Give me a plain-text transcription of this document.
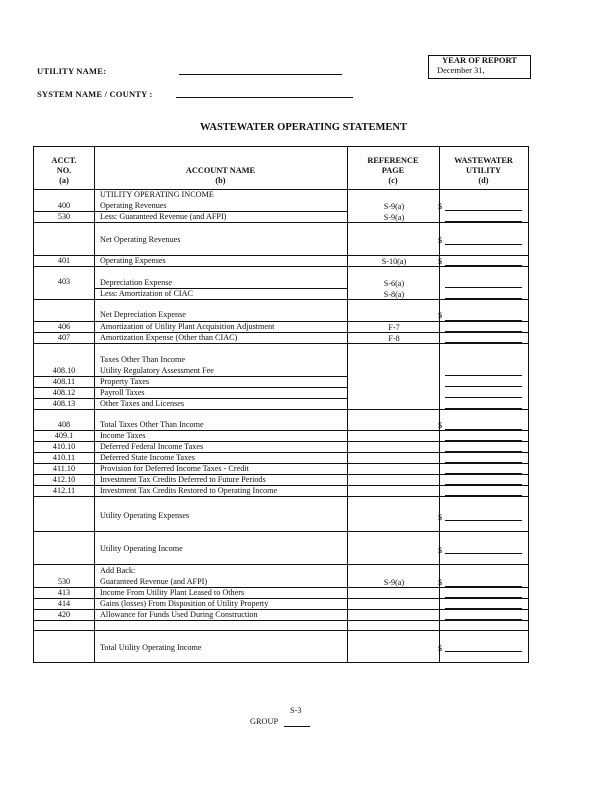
UTILITY NAME:
SYSTEM NAME / COUNTY :
YEAR OF REPORT
December 31,
WASTEWATER OPERATING STATEMENT
ACCT.
NO.
(a)
ACCOUNT NAME
(b)
REFERENCE
PAGE
(c)
WASTEWATER
UTILITY
(d)
UTILITY OPERATING INCOME
400	Operating Revenues	S-9(a)
530	Less: Guaranteed Revenue (and AFPI)	S-9(a)
Net Operating Revenues
401	Operating Expenses	S-10(a)
403	Depreciation Expense	S-6(a)
Less: Amortization of CIAC	S-8(a)
Net Depreciation Expense
406	Amortization of Utility Plant Acquisition Adjustment	F-7
407	Amortization Expense (Other than CIAC)	F-8
Taxes Other Than Income
408.10	Utility Regulatory Assessment Fee
408.11	Property Taxes
408.12	Payroll Taxes
408.13	Other Taxes and Licenses
408	Total Taxes Other Than Income
409.1	Income Taxes
410.10	Deferred Federal Income Taxes
410.11	Deferred State Income Taxes
411.10	Provision for Deferred Income Taxes - Credit
412.10	Investment Tax Credits Deferred to Future Periods
412.11	Investment Tax Credits Restored to Operating Income
Utility Operating Expenses
Utility Operating Income
Add Back:
530	Guaranteed Revenue (and AFPI)	S-9(a)
413	Income From Utility Plant Leased to Others
414	Gains (losses) From Disposition of Utility Property
420	Allowance for Funds Used During Construction
Total Utility Operating Income
$
$
$
$
$
$
$
$
$
S-3
GROUP
